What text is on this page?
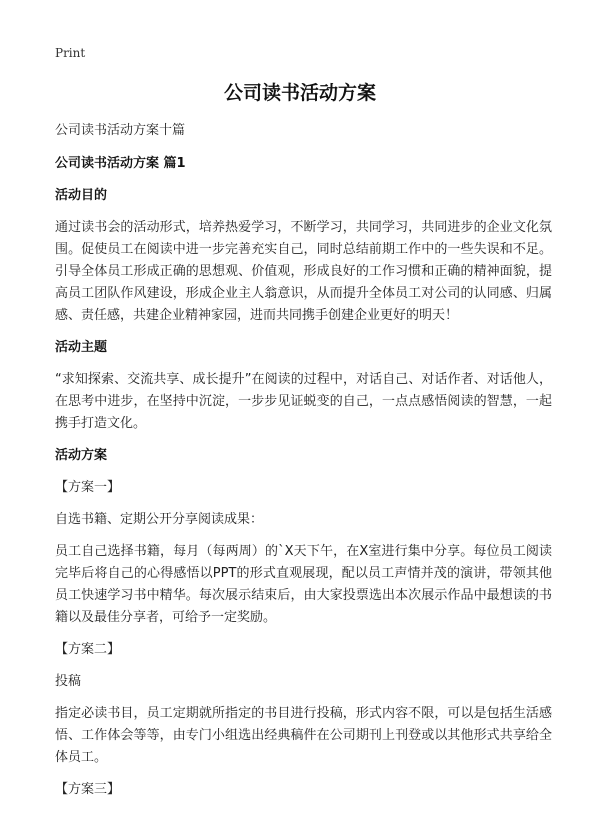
Print
公司读书活动方案
公司读书活动方案十篇
公司读书活动方案 篇1
活动目的
通过读书会的活动形式，培养热爱学习，不断学习，共同学习，共同进步的企业文化氛围。促使员工在阅读中进一步完善充实自己，同时总结前期工作中的一些失误和不足。引导全体员工形成正确的思想观、价值观，形成良好的工作习惯和正确的精神面貌，提高员工团队作风建设，形成企业主人翁意识，从而提升全体员工对公司的认同感、归属感、责任感，共建企业精神家园，进而共同携手创建企业更好的明天！
活动主题
“求知探索、交流共享、成长提升”在阅读的过程中，对话自己、对话作者、对话他人，在思考中进步，在坚持中沉淀，一步步见证蜕变的自己，一点点感悟阅读的智慧，一起携手打造文化。
活动方案
【方案一】
自选书籍、定期公开分享阅读成果：
员工自己选择书籍，每月（每两周）的`X天下午，在X室进行集中分享。每位员工阅读完毕后将自己的心得感悟以PPT的形式直观展现，配以员工声情并茂的演讲，带领其他员工快速学习书中精华。每次展示结束后，由大家投票选出本次展示作品中最想读的书籍以及最佳分享者，可给予一定奖励。
【方案二】
投稿
指定必读书目，员工定期就所指定的书目进行投稿，形式内容不限，可以是包括生活感悟、工作体会等等，由专门小组选出经典稿件在公司期刊上刊登或以其他形式共享给全体员工。
【方案三】
